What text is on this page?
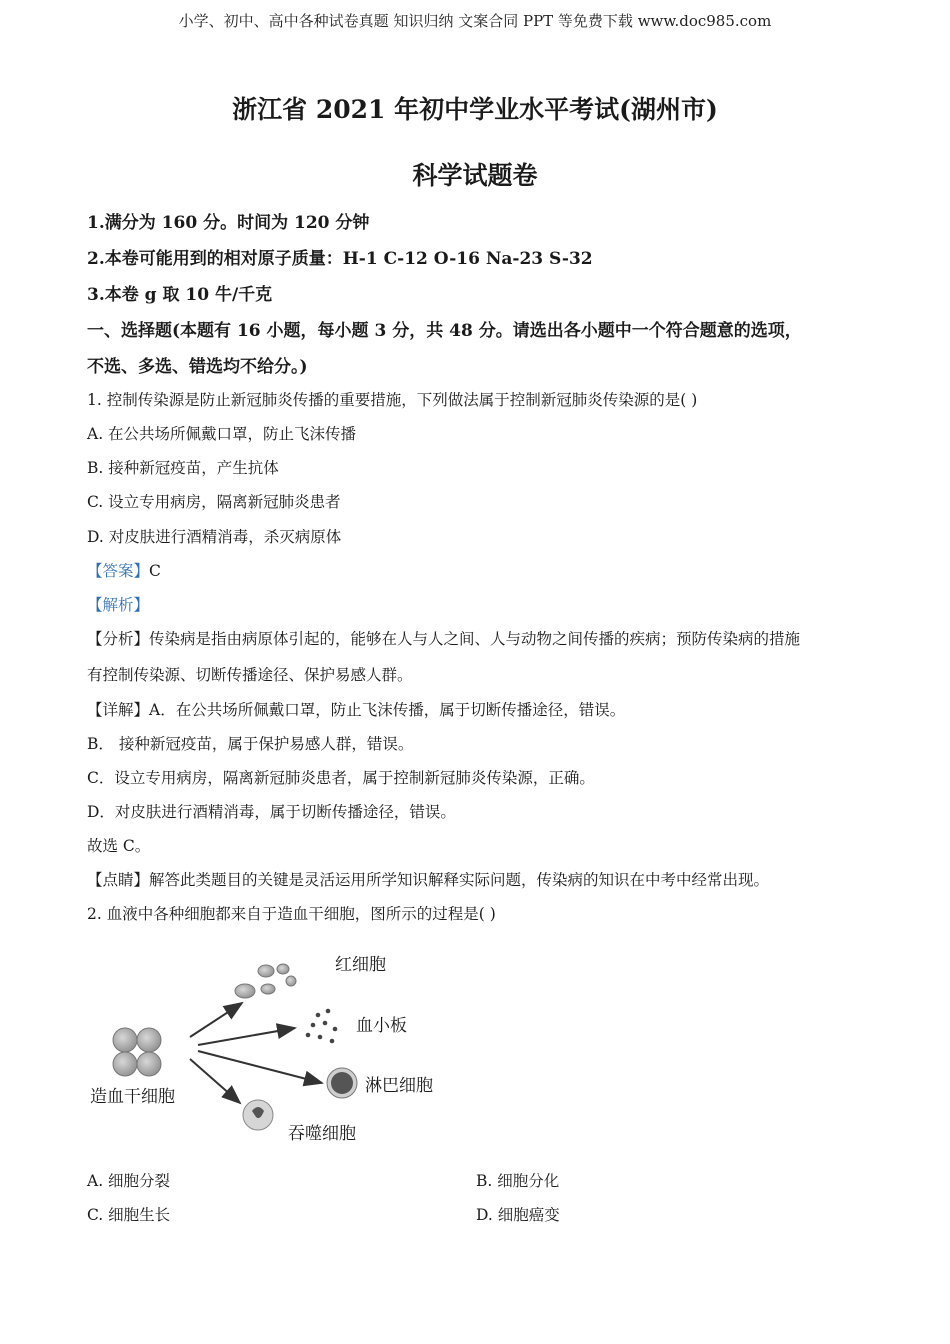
小学、初中、高中各种试卷真题 知识归纳 文案合同 PPT 等免费下载 www.doc985.com
浙江省 2021 年初中学业水平考试(湖州市)
科学试题卷
1.满分为 160 分。时间为 120 分钟
2.本卷可能用到的相对原子质量：H-1 C-12 O-16 Na-23 S-32
3.本卷 g 取 10 牛/千克
一、选择题(本题有 16 小题，每小题 3 分，共 48 分。请选出各小题中一个符合题意的选项，
不选、多选、错选均不给分。)
1. 控制传染源是防止新冠肺炎传播的重要措施，下列做法属于控制新冠肺炎传染源的是( )
A. 在公共场所佩戴口罩，防止飞沫传播
B. 接种新冠疫苗，产生抗体
C. 设立专用病房，隔离新冠肺炎患者
D. 对皮肤进行酒精消毒，杀灭病原体
【答案】C
【解析】
【分析】传染病是指由病原体引起的，能够在人与人之间、人与动物之间传播的疾病；预防传染病的措施
有控制传染源、切断传播途径、保护易感人群。
【详解】A．在公共场所佩戴口罩，防止飞沫传播，属于切断传播途径，错误。
B． 接种新冠疫苗，属于保护易感人群，错误。
C．设立专用病房，隔离新冠肺炎患者，属于控制新冠肺炎传染源，正确。
D．对皮肤进行酒精消毒，属于切断传播途径，错误。
故选 C。
【点睛】解答此类题目的关键是灵活运用所学知识解释实际问题，传染病的知识在中考中经常出现。
2. 血液中各种细胞都来自于造血干细胞，图所示的过程是( )
造血干细胞
红细胞
血小板
淋巴细胞
吞噬细胞
A. 细胞分裂	B. 细胞分化
C. 细胞生长	D. 细胞癌变
